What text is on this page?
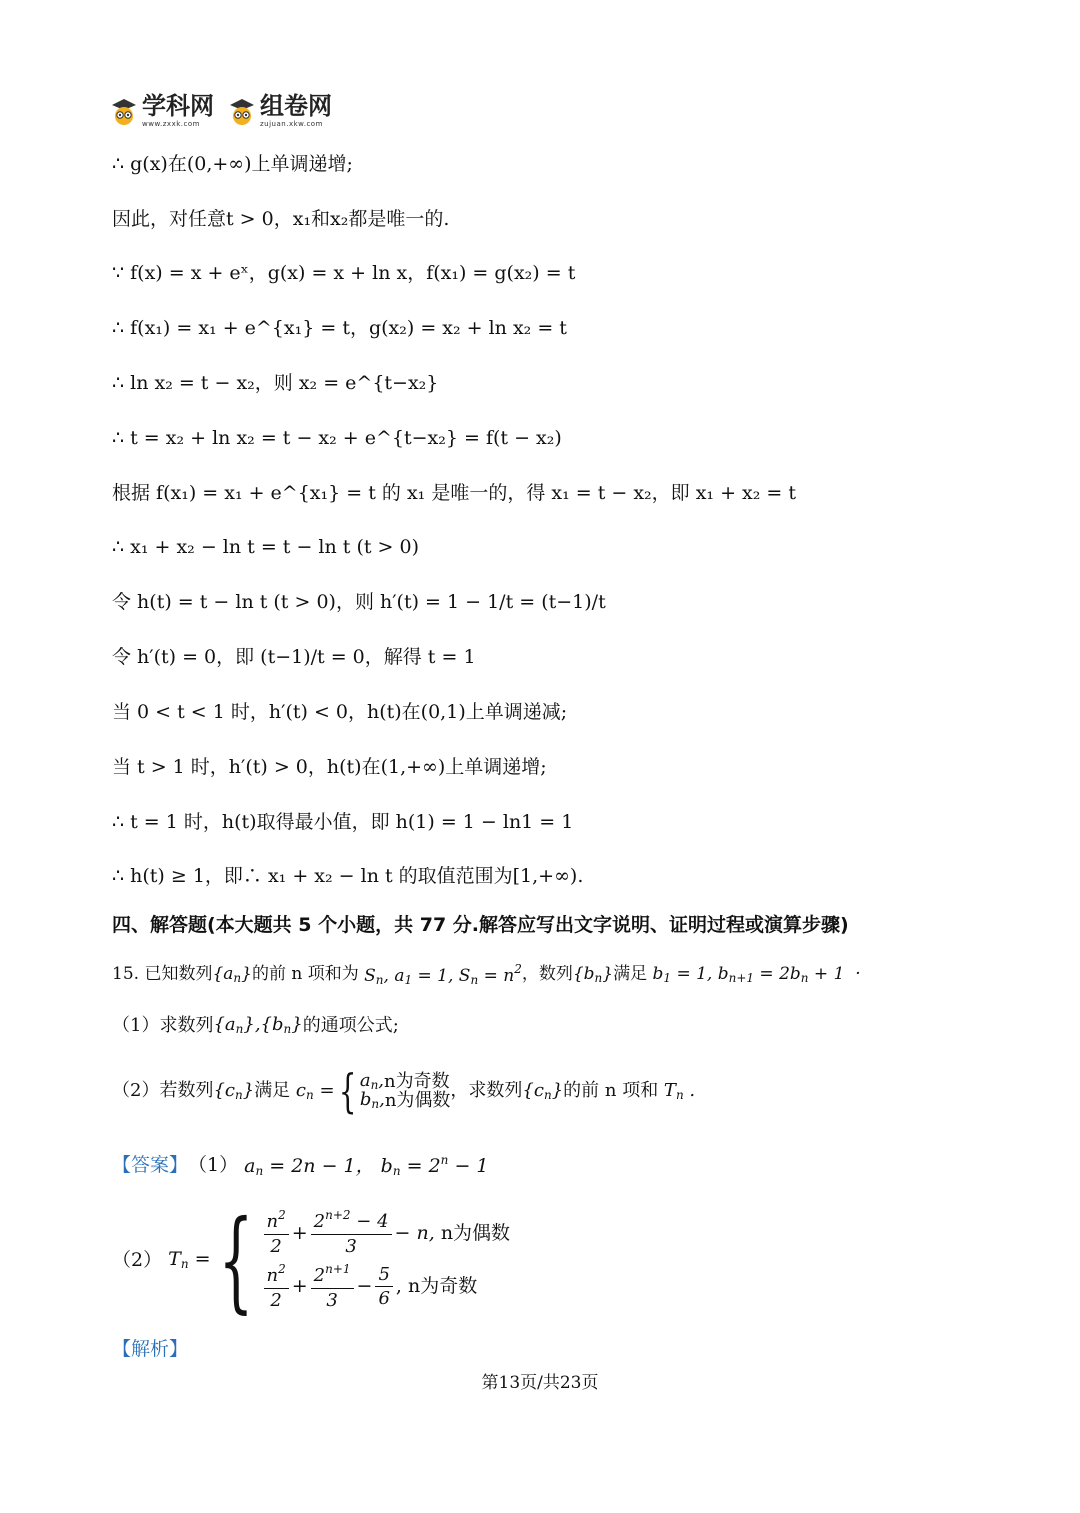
学科网
www.zxxk.com
组卷网
zujuan.xkw.com
∴ g(x)在(0,+∞)上单调递增;
因此，对任意t > 0，x₁和x₂都是唯一的.
∵ f(x) = x + eˣ，g(x) = x + ln x，f(x₁) = g(x₂) = t
∴ f(x₁) = x₁ + e^{x₁} = t，g(x₂) = x₂ + ln x₂ = t
∴ ln x₂ = t − x₂，则 x₂ = e^{t−x₂}
∴ t = x₂ + ln x₂ = t − x₂ + e^{t−x₂} = f(t − x₂)
根据 f(x₁) = x₁ + e^{x₁} = t 的 x₁ 是唯一的，得 x₁ = t − x₂，即 x₁ + x₂ = t
∴ x₁ + x₂ − ln t = t − ln t (t > 0)
令 h(t) = t − ln t (t > 0)，则 h′(t) = 1 − 1/t = (t−1)/t
令 h′(t) = 0，即 (t−1)/t = 0，解得 t = 1
当 0 < t < 1 时，h′(t) < 0，h(t)在(0,1)上单调递减;
当 t > 1 时，h′(t) > 0，h(t)在(1,+∞)上单调递增;
∴ t = 1 时，h(t)取得最小值，即 h(1) = 1 − ln1 = 1
∴ h(t) ≥ 1，即∴ x₁ + x₂ − ln t 的取值范围为[1,+∞).
四、解答题(本大题共 5 个小题，共 77 分.解答应写出文字说明、证明过程或演算步骤)
15.
已知数列 $\{a_n\}$ 的前 n 项和为 $S_n$, $a_1 = 1$, $S_n = n^2$ ，数列 $\{b_n\}$ 满足 $b_1 = 1$, $b_{n+1} = 2b_n + 1$  ·
（1）求数列 $\{a_n\},\{b_n\}$ 的通项公式;
（2）若数列 $\{c_n\}$ 满足 $c_n$ = { $a_n$, n为奇数
$b_n$, n为偶数 ，求数列 $\{c_n\}$ 的前 n 项和 $T_n$ .
【答案】 （1） $a_n = 2n - 1$， $b_n = 2^n - 1$
（2） $T_n$ = { $\frac{n^2}{2} + \frac{2^{n+2} - 4}{3} - n$, n为偶数
$\frac{n^2}{2} + \frac{2^{n+1}}{3} - \frac{5}{6}$ , n为奇数
【解析】
第13页/共23页
